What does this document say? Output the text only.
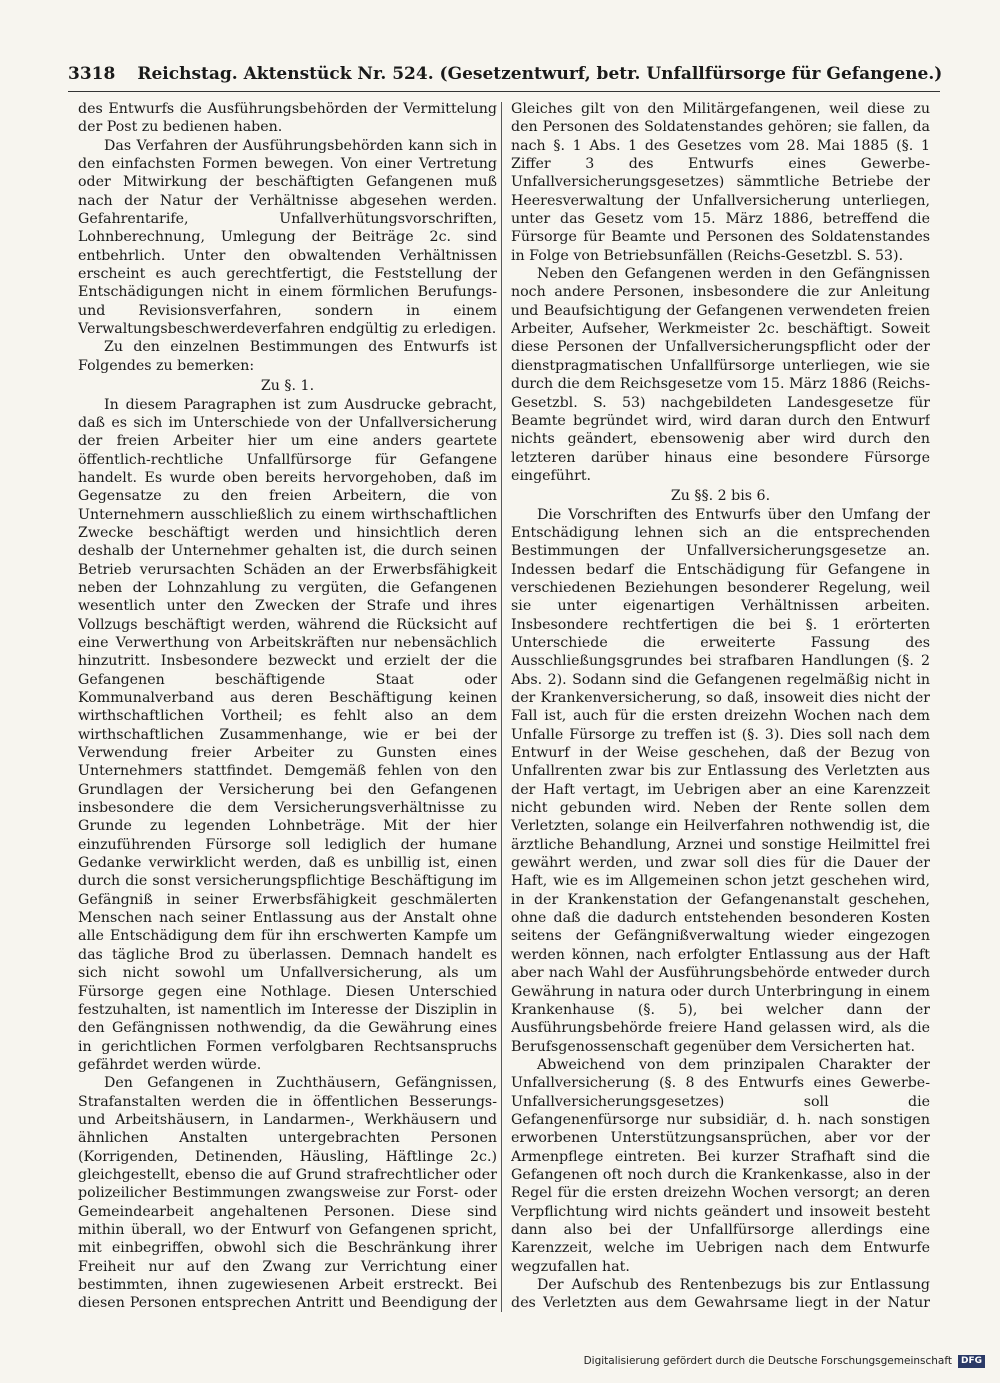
3318 Reichstag. Aktenstück Nr. 524. (Gesetzentwurf, betr. Unfallfürsorge für Gefangene.)

des Entwurfs die Ausführungsbehörden der Vermittelung der Post zu bedienen haben.

Das Verfahren der Ausführungsbehörden kann sich in den einfachsten Formen bewegen. Von einer Vertretung oder Mitwirkung der beschäftigten Gefangenen muß nach der Natur der Verhältnisse abgesehen werden. Gefahrentarife, Unfallverhütungsvorschriften, Lohnberechnung, Umlegung der Beiträge 2c. sind entbehrlich. Unter den obwaltenden Verhältnissen erscheint es auch gerechtfertigt, die Feststellung der Entschädigungen nicht in einem förmlichen Berufungs- und Revisionsverfahren, sondern in einem Verwaltungsbeschwerdeverfahren endgültig zu erledigen.

Zu den einzelnen Bestimmungen des Entwurfs ist Folgendes zu bemerken:

Zu §. 1.

In diesem Paragraphen ist zum Ausdrucke gebracht, daß es sich im Unterschiede von der Unfallversicherung der freien Arbeiter hier um eine anders geartete öffentlich-rechtliche Unfallfürsorge für Gefangene handelt. Es wurde oben bereits hervorgehoben, daß im Gegensatze zu den freien Arbeitern, die von Unternehmern ausschließlich zu einem wirthschaftlichen Zwecke beschäftigt werden und hinsichtlich deren deshalb der Unternehmer gehalten ist, die durch seinen Betrieb verursachten Schäden an der Erwerbsfähigkeit neben der Lohnzahlung zu vergüten, die Gefangenen wesentlich unter den Zwecken der Strafe und ihres Vollzugs beschäftigt werden, während die Rücksicht auf eine Verwerthung von Arbeitskräften nur nebensächlich hinzutritt. Insbesondere bezweckt und erzielt der die Gefangenen beschäftigende Staat oder Kommunalverband aus deren Beschäftigung keinen wirthschaftlichen Vortheil; es fehlt also an dem wirthschaftlichen Zusammenhange, wie er bei der Verwendung freier Arbeiter zu Gunsten eines Unternehmers stattfindet. Demgemäß fehlen von den Grundlagen der Versicherung bei den Gefangenen insbesondere die dem Versicherungsverhältnisse zu Grunde zu legenden Lohnbeträge. Mit der hier einzuführenden Fürsorge soll lediglich der humane Gedanke verwirklicht werden, daß es unbillig ist, einen durch die sonst versicherungspflichtige Beschäftigung im Gefängniß in seiner Erwerbsfähigkeit geschmälerten Menschen nach seiner Entlassung aus der Anstalt ohne alle Entschädigung dem für ihn erschwerten Kampfe um das tägliche Brod zu überlassen. Demnach handelt es sich nicht sowohl um Unfallversicherung, als um Fürsorge gegen eine Nothlage. Diesen Unterschied festzuhalten, ist namentlich im Interesse der Disziplin in den Gefängnissen nothwendig, da die Gewährung eines in gerichtlichen Formen verfolgbaren Rechtsanspruchs gefährdet werden würde.

Den Gefangenen in Zuchthäusern, Gefängnissen, Strafanstalten werden die in öffentlichen Besserungs- und Arbeitshäusern, in Landarmen-, Werkhäusern und ähnlichen Anstalten untergebrachten Personen (Korrigenden, Detinenden, Häusling, Häftlinge 2c.) gleichgestellt, ebenso die auf Grund strafrechtlicher oder polizeilicher Bestimmungen zwangsweise zur Forst- oder Gemeindearbeit angehaltenen Personen. Diese sind mithin überall, wo der Entwurf von Gefangenen spricht, mit einbegriffen, obwohl sich die Beschränkung ihrer Freiheit nur auf den Zwang zur Verrichtung einer bestimmten, ihnen zugewiesenen Arbeit erstreckt. Bei diesen Personen entsprechen Antritt und Beendigung der

Gleiches gilt von den Militärgefangenen, weil diese zu den Personen des Soldatenstandes gehören; sie fallen, da nach §. 1 Abs. 1 des Gesetzes vom 28. Mai 1885 (§. 1 Ziffer 3 des Entwurfs eines Gewerbe-Unfallversicherungsgesetzes) sämmtliche Betriebe der Heeresverwaltung der Unfallversicherung unterliegen, unter das Gesetz vom 15. März 1886, betreffend die Fürsorge für Beamte und Personen des Soldatenstandes in Folge von Betriebsunfällen (Reichs-Gesetzbl. S. 53).

Neben den Gefangenen werden in den Gefängnissen noch andere Personen, insbesondere die zur Anleitung und Beaufsichtigung der Gefangenen verwendeten freien Arbeiter, Aufseher, Werkmeister 2c. beschäftigt. Soweit diese Personen der Unfallversicherungspflicht oder der dienstpragmatischen Unfallfürsorge unterliegen, wie sie durch die dem Reichsgesetze vom 15. März 1886 (Reichs-Gesetzbl. S. 53) nachgebildeten Landesgesetze für Beamte begründet wird, wird daran durch den Entwurf nichts geändert, ebensowenig aber wird durch den letzteren darüber hinaus eine besondere Fürsorge eingeführt.

Zu §§. 2 bis 6.

Die Vorschriften des Entwurfs über den Umfang der Entschädigung lehnen sich an die entsprechenden Bestimmungen der Unfallversicherungsgesetze an. Indessen bedarf die Entschädigung für Gefangene in verschiedenen Beziehungen besonderer Regelung, weil sie unter eigenartigen Verhältnissen arbeiten. Insbesondere rechtfertigen die bei §. 1 erörterten Unterschiede die erweiterte Fassung des Ausschließungsgrundes bei strafbaren Handlungen (§. 2 Abs. 2). Sodann sind die Gefangenen regelmäßig nicht in der Krankenversicherung, so daß, insoweit dies nicht der Fall ist, auch für die ersten dreizehn Wochen nach dem Unfalle Fürsorge zu treffen ist (§. 3). Dies soll nach dem Entwurf in der Weise geschehen, daß der Bezug von Unfallrenten zwar bis zur Entlassung des Verletzten aus der Haft vertagt, im Uebrigen aber an eine Karenzzeit nicht gebunden wird. Neben der Rente sollen dem Verletzten, solange ein Heilverfahren nothwendig ist, die ärztliche Behandlung, Arznei und sonstige Heilmittel frei gewährt werden, und zwar soll dies für die Dauer der Haft, wie es im Allgemeinen schon jetzt geschehen wird, in der Krankenstation der Gefangenanstalt geschehen, ohne daß die dadurch entstehenden besonderen Kosten seitens der Gefängnißverwaltung wieder eingezogen werden können, nach erfolgter Entlassung aus der Haft aber nach Wahl der Ausführungsbehörde entweder durch Gewährung in natura oder durch Unterbringung in einem Krankenhause (§. 5), bei welcher dann der Ausführungsbehörde freiere Hand gelassen wird, als die Berufsgenossenschaft gegenüber dem Versicherten hat.

Abweichend von dem prinzipalen Charakter der Unfallversicherung (§. 8 des Entwurfs eines Gewerbe-Unfallversicherungsgesetzes) soll die Gefangenenfürsorge nur subsidiär, d. h. nach sonstigen erworbenen Unterstützungsansprüchen, aber vor der Armenpflege eintreten. Bei kurzer Strafhaft sind die Gefangenen oft noch durch die Krankenkasse, also in der Regel für die ersten dreizehn Wochen versorgt; an deren Verpflichtung wird nichts geändert und insoweit besteht dann also bei der Unfallfürsorge allerdings eine Karenzzeit, welche im Uebrigen nach dem Entwurfe wegzufallen hat.

Der Aufschub des Rentenbezugs bis zur Entlassung des Verletzten aus dem Gewahrsame liegt in der Natur

Digitalisierung gefördert durch die Deutsche Forschungsgemeinschaft	DFG
